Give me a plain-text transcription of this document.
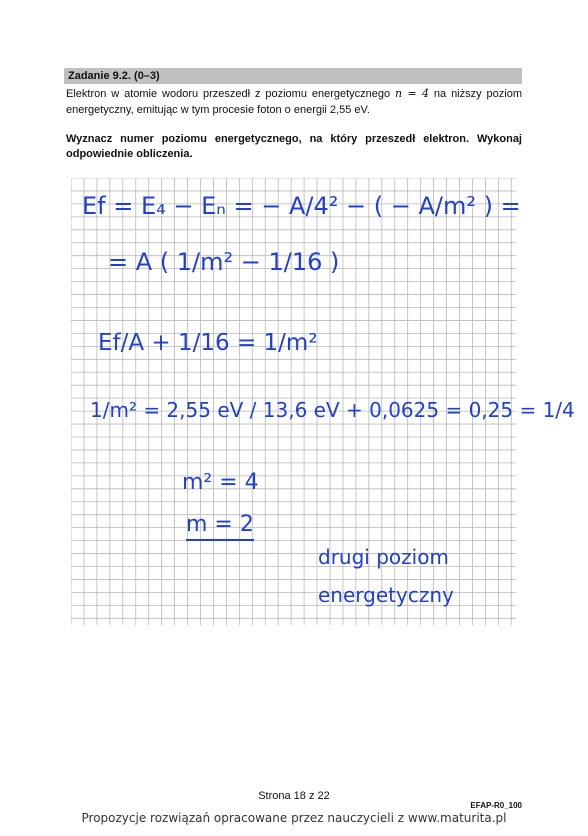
Zadanie 9.2. (0–3)
Elektron w atomie wodoru przeszedł z poziomu energetycznego n = 4 na niższy poziom energetyczny, emitując w tym procesie foton o energii 2,55 eV.
Wyznacz numer poziomu energetycznego, na który przeszedł elektron. Wykonaj odpowiednie obliczenia.
Ef = E₄ − Eₙ = − A/4² − ( − A/m² ) =
= A ( 1/m² − 1/16 )
Ef/A + 1/16 = 1/m²
1/m² = 2,55 eV / 13,6 eV + 0,0625 = 0,25 = 1/4
m² = 4
m = 2
drugi poziom energetyczny
Strona 18 z 22
EFAP-R0_100
Propozycje rozwiązań opracowane przez nauczycieli z www.maturita.pl
